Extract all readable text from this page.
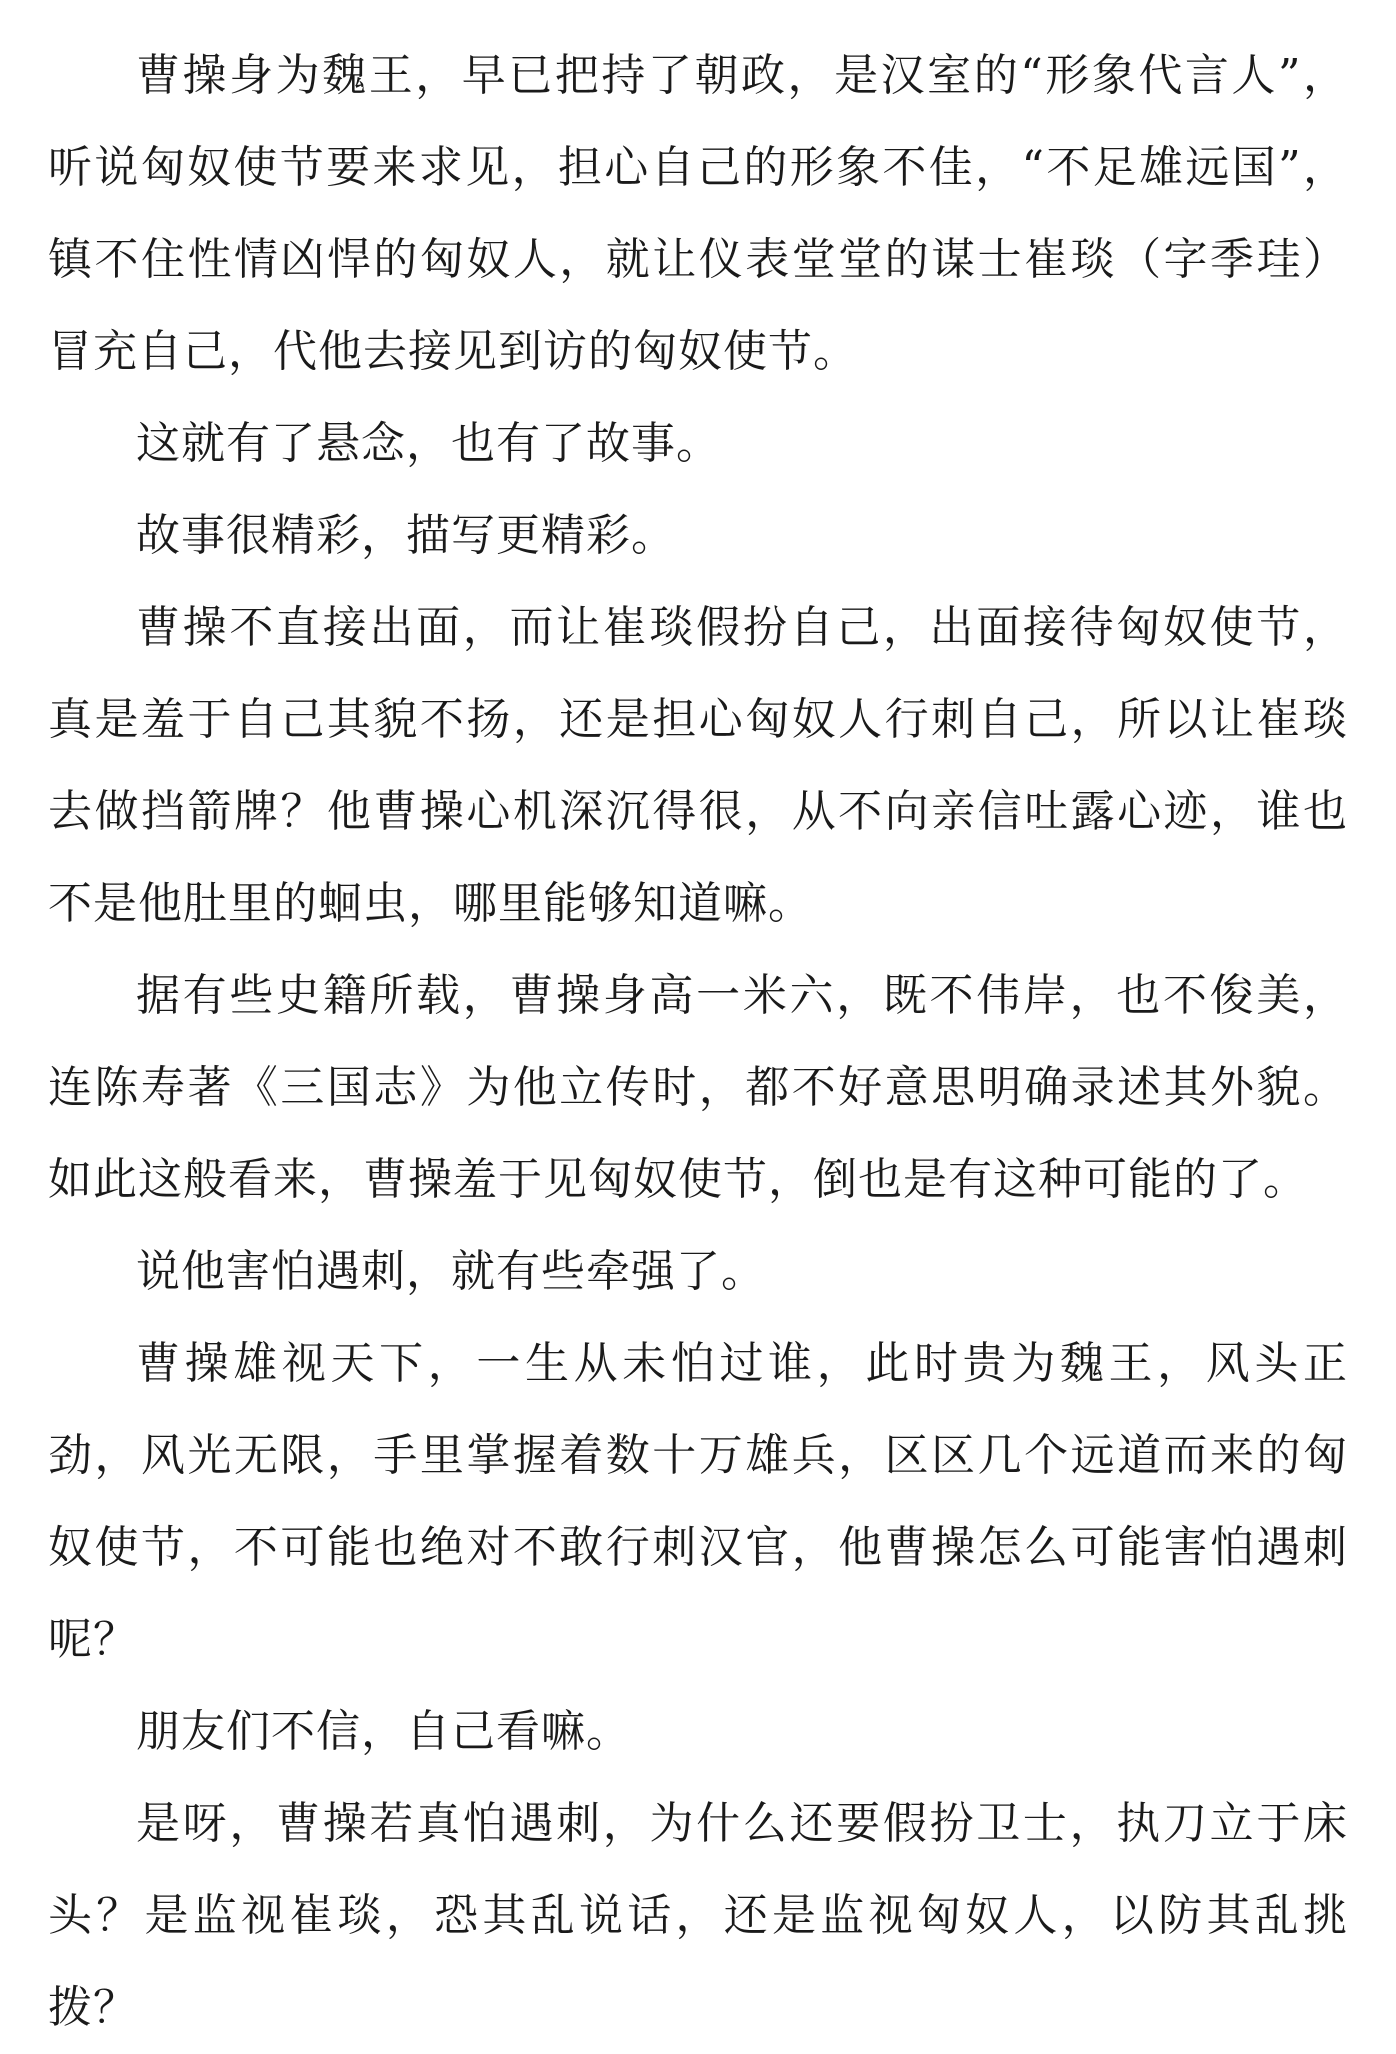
曹操身为魏王，早已把持了朝政，是汉室的“形象代言人”，听说匈奴使节要来求见，担心自己的形象不佳，“不足雄远国”，镇不住性情凶悍的匈奴人，就让仪表堂堂的谋士崔琰（字季珪）冒充自己，代他去接见到访的匈奴使节。

这就有了悬念，也有了故事。

故事很精彩，描写更精彩。

曹操不直接出面，而让崔琰假扮自己，出面接待匈奴使节，真是羞于自己其貌不扬，还是担心匈奴人行刺自己，所以让崔琰去做挡箭牌？他曹操心机深沉得很，从不向亲信吐露心迹，谁也不是他肚里的蛔虫，哪里能够知道嘛。

据有些史籍所载，曹操身高一米六，既不伟岸，也不俊美，连陈寿著《三国志》为他立传时，都不好意思明确录述其外貌。如此这般看来，曹操羞于见匈奴使节，倒也是有这种可能的了。

说他害怕遇刺，就有些牵强了。

曹操雄视天下，一生从未怕过谁，此时贵为魏王，风头正劲，风光无限，手里掌握着数十万雄兵，区区几个远道而来的匈奴使节，不可能也绝对不敢行刺汉官，他曹操怎么可能害怕遇刺呢？

朋友们不信，自己看嘛。

是呀，曹操若真怕遇刺，为什么还要假扮卫士，执刀立于床头？是监视崔琰，恐其乱说话，还是监视匈奴人，以防其乱挑拨？
